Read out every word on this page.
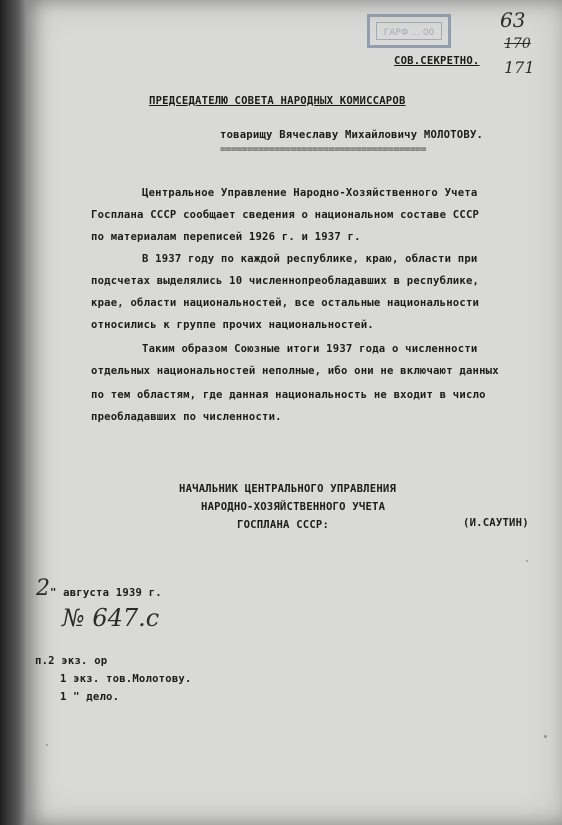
ГАРФ ... 00
СОВ.СЕКРЕТНО.
63
170
171
ПРЕДСЕДАТЕЛЮ СОВЕТА НАРОДНЫХ КОМИССАРОВ
товарищу Вячеславу Михайловичу МОЛОТОВУ.
======================================
Центральное Управление Народно-Хозяйственного Учета
Госплана СССР сообщает сведения о национальном составе СССР
по материалам переписей 1926 г. и 1937 г.
В 1937 году по каждой республике, краю, области при
подсчетах выделялись 10 численнопреобладавших в республике,
крае, области национальностей, все остальные национальности
относились к группе прочих национальностей.
Таким образом Союзные итоги 1937 года о численности
отдельных национальностей неполные, ибо они не включают данных
по тем областям, где данная национальность не входит в число
преобладавших по численности.
НАЧАЛЬНИК ЦЕНТРАЛЬНОГО УПРАВЛЕНИЯ
НАРОДНО-ХОЗЯЙСТВЕННОГО УЧЕТА
ГОСПЛАНА СССР:	(И.САУТИН)
2 " августа 1939 г.
№ 647.с
п.2 экз. ор
1 экз. тов.Молотову.
1 " дело.
